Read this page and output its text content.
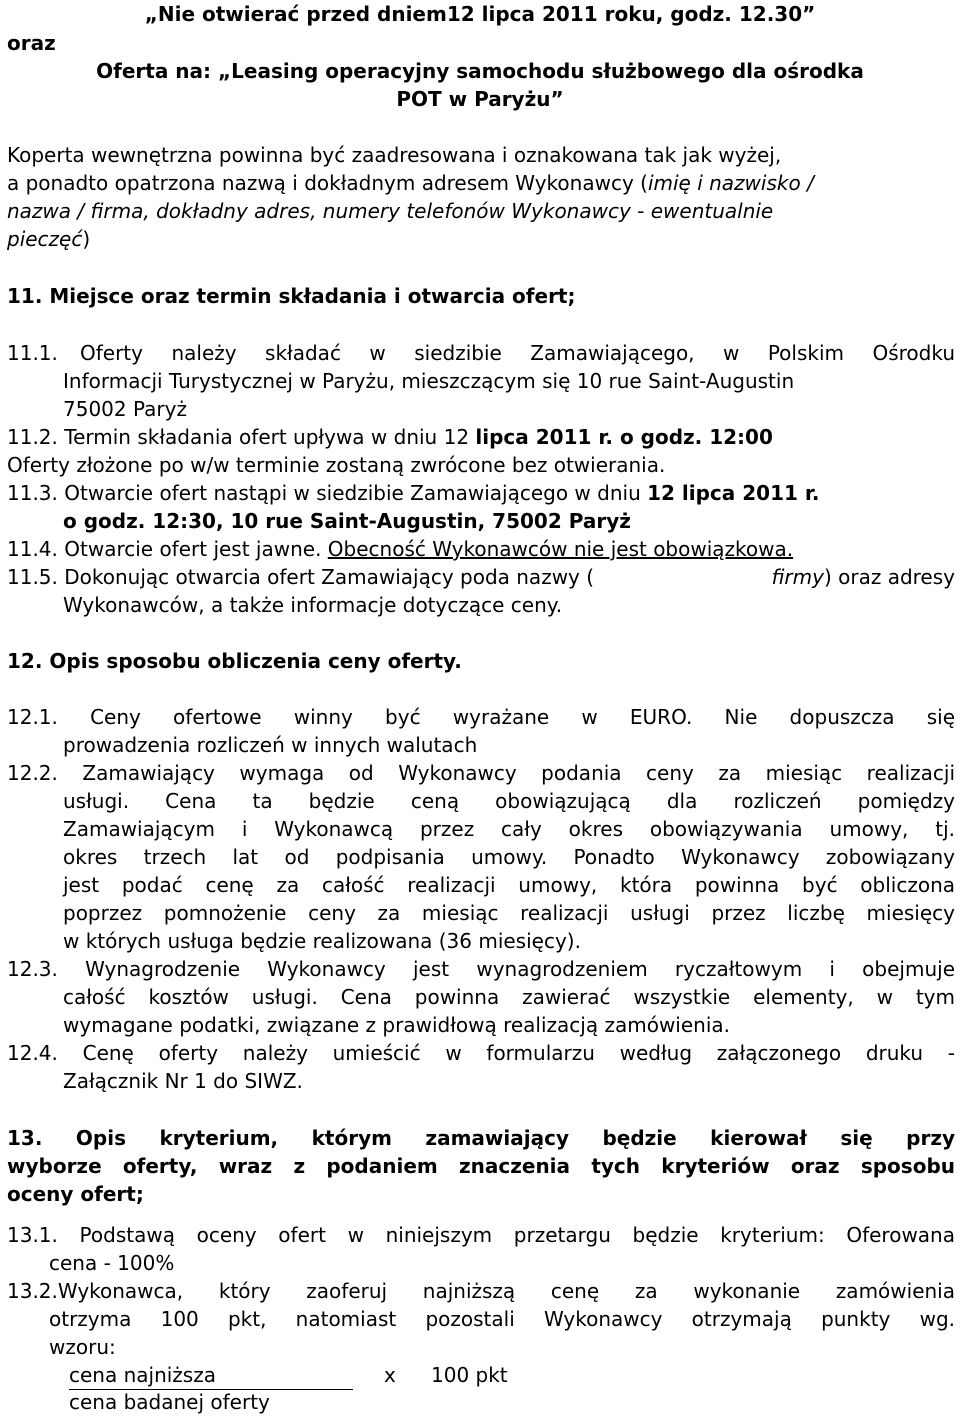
„Nie otwierać przed dniem12 lipca 2011 roku, godz. 12.30”
oraz
Oferta na: „Leasing operacyjny samochodu służbowego dla ośrodka
POT w Paryżu”
Koperta wewnętrzna powinna być zaadresowana i oznakowana tak jak wyżej,
a ponadto opatrzona nazwą i dokładnym adresem Wykonawcy (imię i nazwisko /
nazwa / firma, dokładny adres, numery telefonów Wykonawcy - ewentualnie
pieczęć)
11. Miejsce oraz termin składania i otwarcia ofert;
11.1. Oferty należy składać w siedzibie Zamawiającego, w Polskim Ośrodku
Informacji Turystycznej w Paryżu, mieszczącym się 10 rue Saint-Augustin
75002 Paryż
11.2. Termin składania ofert upływa w dniu 12 lipca 2011 r. o godz. 12:00
Oferty złożone po w/w terminie zostaną zwrócone bez otwierania.
11.3. Otwarcie ofert nastąpi w siedzibie Zamawiającego w dniu 12 lipca 2011 r.
o godz. 12:30, 10 rue Saint-Augustin, 75002 Paryż
11.4. Otwarcie ofert jest jawne. Obecność Wykonawców nie jest obowiązkowa.
11.5. Dokonując otwarcia ofert Zamawiający poda nazwy (	firmy) oraz adresy
Wykonawców, a także informacje dotyczące ceny.
12. Opis sposobu obliczenia ceny oferty.
12.1. Ceny ofertowe winny być wyrażane w EURO. Nie dopuszcza się
prowadzenia rozliczeń w innych walutach
12.2. Zamawiający wymaga od Wykonawcy podania ceny za miesiąc realizacji
usługi. Cena ta będzie ceną obowiązującą dla rozliczeń pomiędzy
Zamawiającym i Wykonawcą przez cały okres obowiązywania umowy, tj.
okres trzech lat od podpisania umowy. Ponadto Wykonawcy zobowiązany
jest podać cenę za całość realizacji umowy, która powinna być obliczona
poprzez pomnożenie ceny za miesiąc realizacji usługi przez liczbę miesięcy
w których usługa będzie realizowana (36 miesięcy).
12.3. Wynagrodzenie Wykonawcy jest wynagrodzeniem ryczałtowym i obejmuje
całość kosztów usługi. Cena powinna zawierać wszystkie elementy, w tym
wymagane podatki, związane z prawidłową realizacją zamówienia.
12.4. Cenę oferty należy umieścić w formularzu według załączonego druku -
Załącznik Nr 1 do SIWZ.
13. Opis kryterium, którym zamawiający będzie kierował się przy
wyborze oferty, wraz z podaniem znaczenia tych kryteriów oraz sposobu
oceny ofert;
13.1. Podstawą oceny ofert w niniejszym przetargu będzie kryterium: Oferowana
cena - 100%
13.2.Wykonawca, który zaoferuj najniższą cenę za wykonanie zamówienia
otrzyma 100 pkt, natomiast pozostali Wykonawcy otrzymają punkty wg.
wzoru:
cena najniższa	x 100 pkt
cena badanej oferty
